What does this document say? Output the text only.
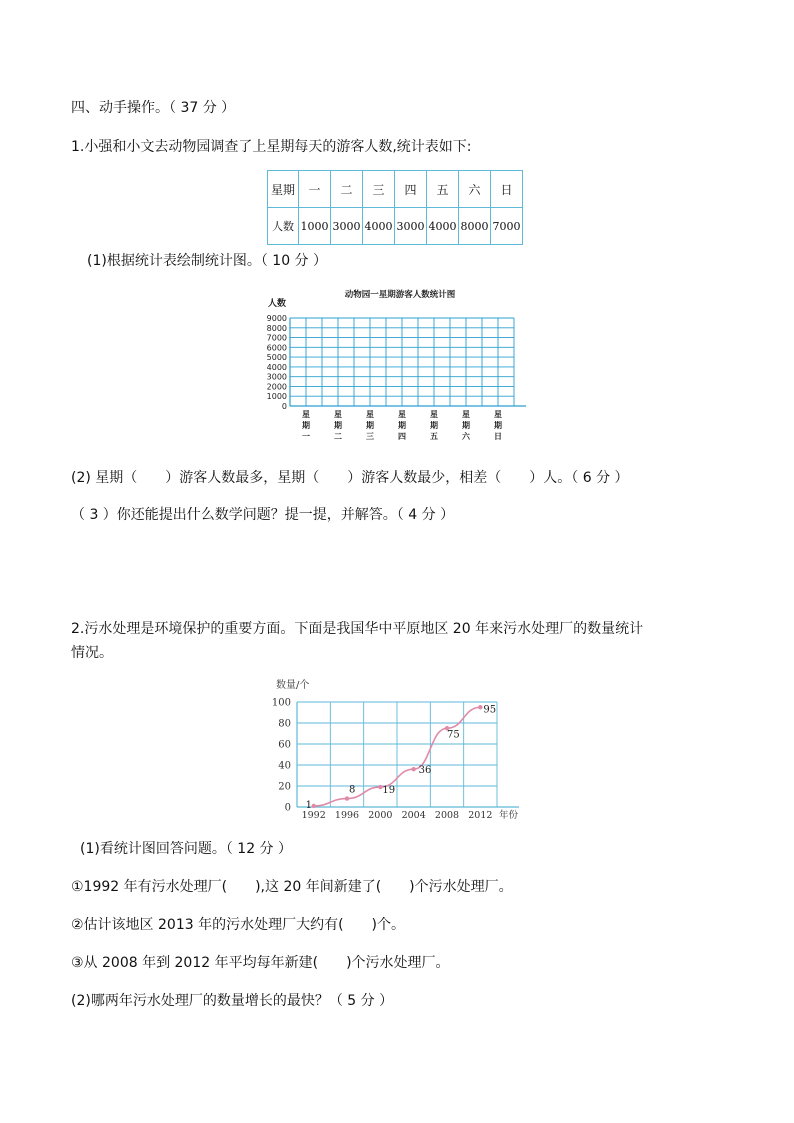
四、动手操作。（ 37 分 ）
1.小强和小文去动物园调查了上星期每天的游客人数,统计表如下:
星期	一	二	三	四	五	六	日
人数	1000	3000	4000	3000	4000	8000	7000
(1)根据统计表绘制统计图。（ 10 分 ）
动物园一星期游客人数统计图
人数
9000
8000
7000
6000
5000
4000
3000
2000
1000
0
星
期
一
星
期
二
星
期
三
星
期
四
星
期
五
星
期
六
星
期
日
(2) 星期（　　）游客人数最多，星期（　　）游客人数最少，相差（　　）人。（ 6 分 ）
（ 3 ）你还能提出什么数学问题？提一提，并解答。（ 4 分 ）
2.污水处理是环境保护的重要方面。下面是我国华中平原地区 20 年来污水处理厂的数量统计
情况。
数量/个
100
80
60
40
20
0
1992 1996 2000 2004 2008 2012 年份
1
8	19
36
75
95
(1)看统计图回答问题。（ 12 分 ）
①1992 年有污水处理厂(　　),这 20 年间新建了(　　)个污水处理厂。
②估计该地区 2013 年的污水处理厂大约有(　　)个。
③从 2008 年到 2012 年平均每年新建(　　)个污水处理厂。
(2)哪两年污水处理厂的数量增长的最快？（ 5 分 ）
